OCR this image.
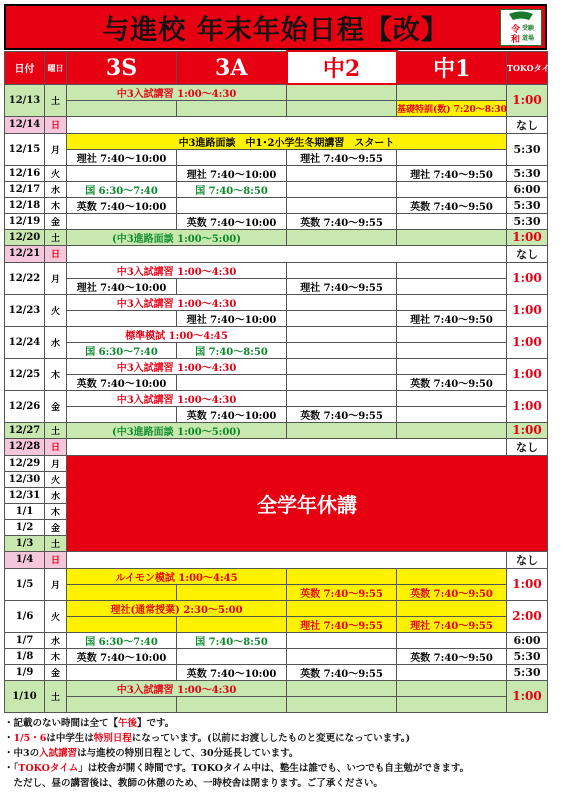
与進校 年末年始日程【改】	令
和
受験
道場
日付	曜日	3S	3A	中2	中1	TOKOタイム開始
12/13	土	中3入試講習 1:00～4:30				1:00
					基礎特訓(数) 7:20～8:30	
12/14	日					なし
12/15	月	中3進路面談　中1･2小学生冬期講習　スタート				5:30
		理社 7:40～10:00		理社 7:40～9:55		
12/16	火		理社 7:40～10:00		理社 7:40～9:50	5:30
12/17	水	国 6:30～7:40	国 7:40～8:50			6:00
12/18	木	英数 7:40～10:00			英数 7:40～9:50	5:30
12/19	金		英数 7:40～10:00	英数 7:40～9:55		5:30
12/20	土	(中3進路面談 1:00～5:00)				1:00
12/21	日					なし
12/22	月	中3入試講習 1:00～4:30				1:00
		理社 7:40～10:00		理社 7:40～9:55		
12/23	火	中3入試講習 1:00～4:30				1:00
			理社 7:40～10:00		理社 7:40～9:50	
12/24	水	標準模試 1:00～4:45				1:00
		国 6:30～7:40	国 7:40～8:50			
12/25	木	中3入試講習 1:00～4:30				1:00
		英数 7:40～10:00			英数 7:40～9:50	
12/26	金	中3入試講習 1:00～4:30				1:00
			英数 7:40～10:00	英数 7:40～9:55		
12/27	土	(中3進路面談 1:00～5:00)				1:00
12/28	日					なし
12/29	月	全学年休講				
12/30	火					
12/31	水					
1/1	木					
1/2	金					
1/3	土					
1/4	日					なし
1/5	月	ルイモン模試 1:00～4:45				1:00
				英数 7:40～9:55	英数 7:40～9:50	
1/6	火	理社(通常授業) 2:30～5:00				2:00
				理社 7:40～9:55	理社 7:40～9:55	
1/7	水	国 6:30～7:40	国 7:40～8:50			6:00
1/8	木	英数 7:40～10:00			英数 7:40～9:50	5:30
1/9	金		英数 7:40～10:00	英数 7:40～9:55		5:30
1/10	土	中3入試講習 1:00～4:30				1:00

・記載のない時間は全て【午後】です。
・1/5・6は中学生は特別日程になっています。(以前にお渡ししたものと変更になっています。)
・中3の入試講習は与進校の特別日程として、30分延長しています。
・「TOKOタイム」は校舎が開く時間です。TOKOタイム中は、塾生は誰でも、いつでも自主勉ができます。
　ただし、昼の講習後は、教師の休憩のため、一時校舎は閉まります。ご了承ください。
